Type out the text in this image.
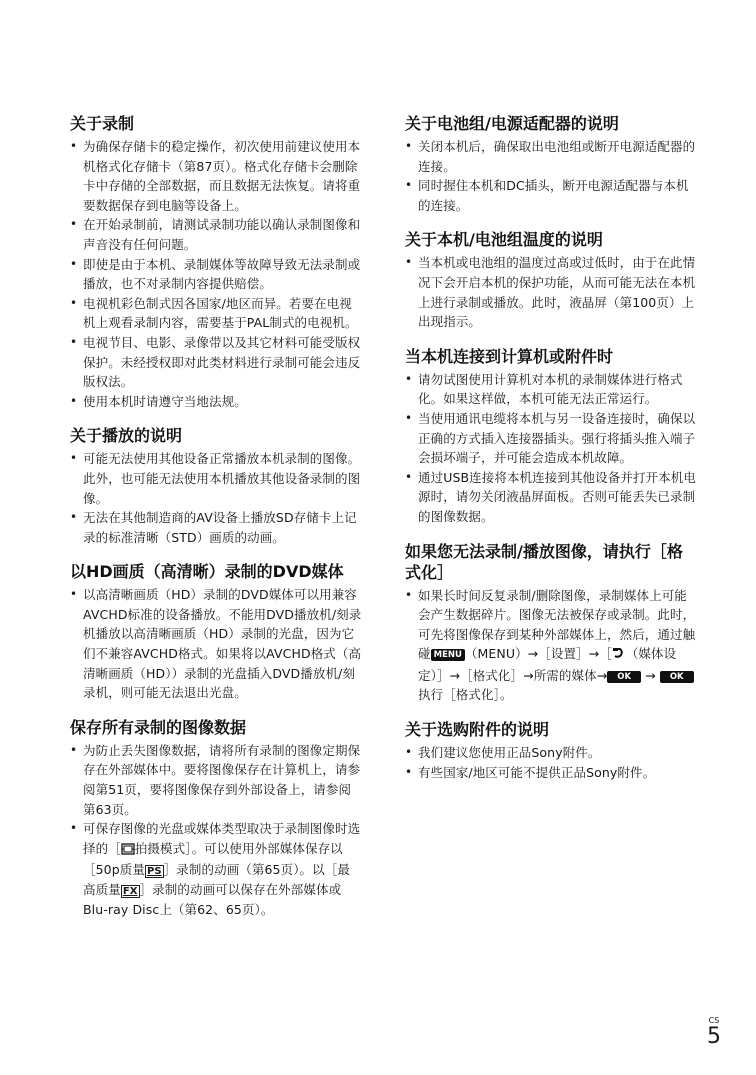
关于录制
• 为确保存储卡的稳定操作，初次使用前建议使用本机格式化存储卡（第87页）。格式化存储卡会删除卡中存储的全部数据，而且数据无法恢复。请将重要数据保存到电脑等设备上。
• 在开始录制前，请测试录制功能以确认录制图像和声音没有任何问题。
• 即使是由于本机、录制媒体等故障导致无法录制或播放，也不对录制内容提供赔偿。
• 电视机彩色制式因各国家/地区而异。若要在电视机上观看录制内容，需要基于PAL制式的电视机。
• 电视节目、电影、录像带以及其它材料可能受版权保护。未经授权即对此类材料进行录制可能会违反版权法。
• 使用本机时请遵守当地法规。
关于播放的说明
• 可能无法使用其他设备正常播放本机录制的图像。此外，也可能无法使用本机播放其他设备录制的图像。
• 无法在其他制造商的AV设备上播放SD存储卡上记录的标准清晰（STD）画质的动画。
以HD画质（高清晰）录制的DVD媒体
• 以高清晰画质（HD）录制的DVD媒体可以用兼容AVCHD标准的设备播放。不能用DVD播放机/刻录机播放以高清晰画质（HD）录制的光盘，因为它们不兼容AVCHD格式。如果将以AVCHD格式（高清晰画质（HD））录制的光盘插入DVD播放机/刻录机，则可能无法退出光盘。
保存所有录制的图像数据
• 为防止丢失图像数据，请将所有录制的图像定期保存在外部媒体中。要将图像保存在计算机上，请参阅第51页，要将图像保存到外部设备上，请参阅第63页。
• 可保存图像的光盘或媒体类型取决于录制图像时选择的［ 拍摄模式］。可以使用外部媒体保存以［50p质量 PS ］录制的动画（第65页）。以［最高质量 FX ］录制的动画可以保存在外部媒体或Blu-ray Disc上（第62、65页）。
关于电池组/电源适配器的说明
• 关闭本机后，确保取出电池组或断开电源适配器的连接。
• 同时握住本机和DC插头，断开电源适配器与本机的连接。
关于本机/电池组温度的说明
• 当本机或电池组的温度过高或过低时，由于在此情况下会开启本机的保护功能，从而可能无法在本机上进行录制或播放。此时，液晶屏（第100页）上出现指示。
当本机连接到计算机或附件时
• 请勿试图使用计算机对本机的录制媒体进行格式化。如果这样做，本机可能无法正常运行。
• 当使用通讯电缆将本机与另一设备连接时，确保以正确的方式插入连接器插头。强行将插头推入端子会损坏端子，并可能会造成本机故障。
• 通过USB连接将本机连接到其他设备并打开本机电源时，请勿关闭液晶屏面板。否则可能丢失已录制的图像数据。
如果您无法录制/播放图像，请执行［格式化］
• 如果长时间反复录制/删除图像，录制媒体上可能会产生数据碎片。图像无法被保存或录制。此时，可先将图像保存到某种外部媒体上，然后，通过触碰 MENU （MENU）→［设置］→［ （媒体设定）］→［格式化］→所需的媒体→ OK → OK执行［格式化］。
关于选购附件的说明
• 我们建议您使用正品Sony附件。
• 有些国家/地区可能不提供正品Sony附件。
CS
5
